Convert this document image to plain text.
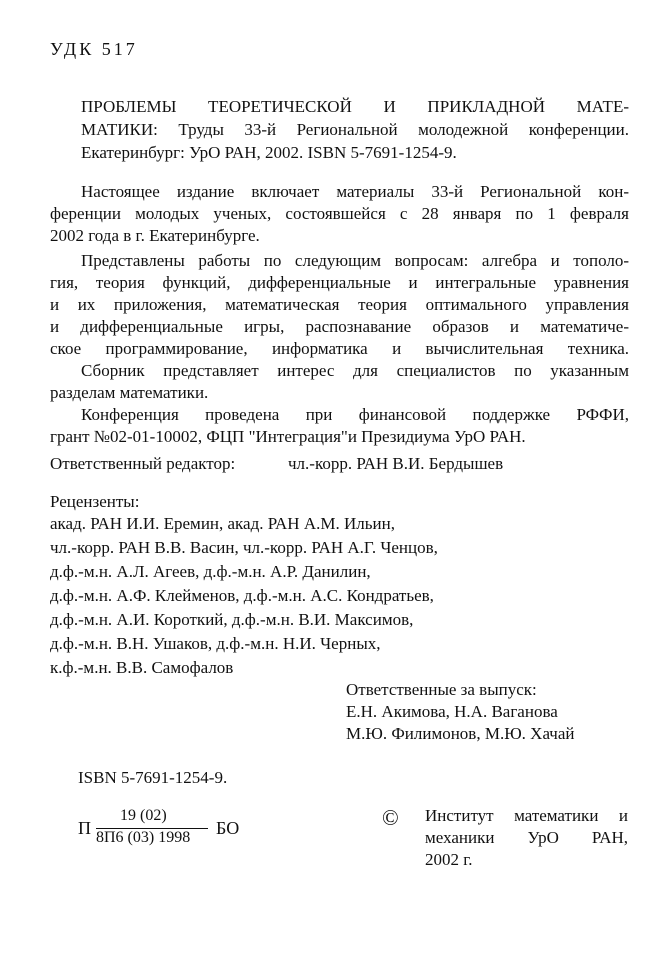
УДК 517
ПРОБЛЕМЫ ТЕОРЕТИЧЕСКОЙ И ПРИКЛАДНОЙ МАТЕ-
МАТИКИ: Труды 33-й Региональной молодежной конференции.
Екатеринбург: УрО РАН, 2002. ISBN 5-7691-1254-9.
Настоящее издание включает материалы 33-й Региональной кон-
ференции молодых ученых, состоявшейся с 28 января по 1 февраля
2002 года в г. Екатеринбурге.
Представлены работы по следующим вопросам: алгебра и тополо-
гия, теория функций, дифференциальные и интегральные уравнения
и их приложения, математическая теория оптимального управления
и дифференциальные игры, распознавание образов и математиче-
ское программирование, информатика и вычислительная техника.
Сборник представляет интерес для специалистов по указанным
разделам математики.
Конференция проведена при финансовой поддержке РФФИ,
грант №02-01-10002, ФЦП "Интеграция"и Президиума УрО РАН.
Ответственный редактор:	чл.-корр. РАН В.И. Бердышев
Рецензенты:
акад. РАН И.И. Еремин, акад. РАН А.М. Ильин,
чл.-корр. РАН В.В. Васин, чл.-корр. РАН А.Г. Ченцов,
д.ф.-м.н. А.Л. Агеев, д.ф.-м.н. А.Р. Данилин,
д.ф.-м.н. А.Ф. Клейменов, д.ф.-м.н. А.С. Кондратьев,
д.ф.-м.н. А.И. Короткий, д.ф.-м.н. В.И. Максимов,
д.ф.-м.н. В.Н. Ушаков, д.ф.-м.н. Н.И. Черных,
к.ф.-м.н. В.В. Самофалов
Ответственные за выпуск:
Е.Н. Акимова, Н.А. Ваганова
М.Ю. Филимонов, М.Ю. Хачай
ISBN 5-7691-1254-9.
П
19 (02)
8П6 (03) 1998 БО	© Институт математики и
механики УрО РАН,
2002 г.
